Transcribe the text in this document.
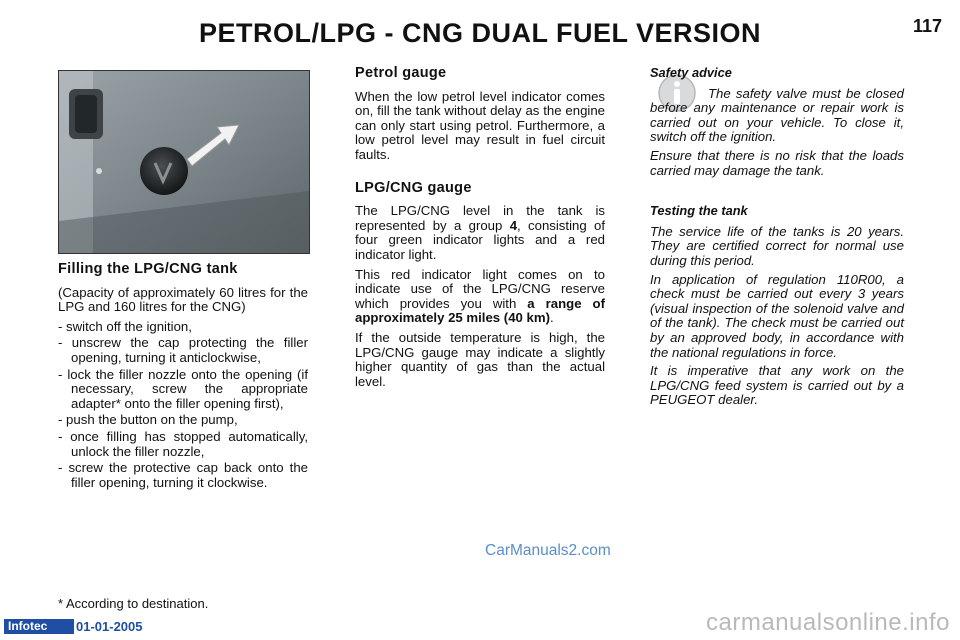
PETROL/LPG - CNG DUAL FUEL VERSION	117
Filling the LPG/CNG tank

(Capacity of approximately 60 litres for the LPG and 160 litres for the CNG)

- switch off the ignition,
- unscrew the cap protecting the filler opening, turning it anticlockwise,
- lock the filler nozzle onto the opening (if necessary, screw the appropriate adapter* onto the filler opening first),
- push the button on the pump,
- once filling has stopped automatically, unlock the filler nozzle,
- screw the protective cap back onto the filler opening, turning it clockwise.
Petrol gauge

When the low petrol level indicator comes on, fill the tank without delay as the engine can only start using petrol. Furthermore, a low petrol level may result in fuel circuit faults.

LPG/CNG gauge

The LPG/CNG level in the tank is represented by a group 4, consisting of four green indicator lights and a red indicator light.

This red indicator light comes on to indicate use of the LPG/CNG reserve which provides you with a range of approximately 25 miles (40 km).

If the outside temperature is high, the LPG/CNG gauge may indicate a slightly higher quantity of gas than the actual level.

Safety advice

The safety valve must be closed before any maintenance or repair work is carried out on your vehicle. To close it, switch off the ignition.

Ensure that there is no risk that the loads carried may damage the tank.

Testing the tank

The service life of the tanks is 20 years. They are certified correct for normal use during this period.

In application of regulation 110R00, a check must be carried out every 3 years (visual inspection of the solenoid valve and of the tank). The check must be carried out by an approved body, in accordance with the national regulations in force.

It is imperative that any work on the LPG/CNG feed system is carried out by a PEUGEOT dealer.

CarManuals2.com
* According to destination.
Infotec	01-01-2005	carmanualsonline.info
